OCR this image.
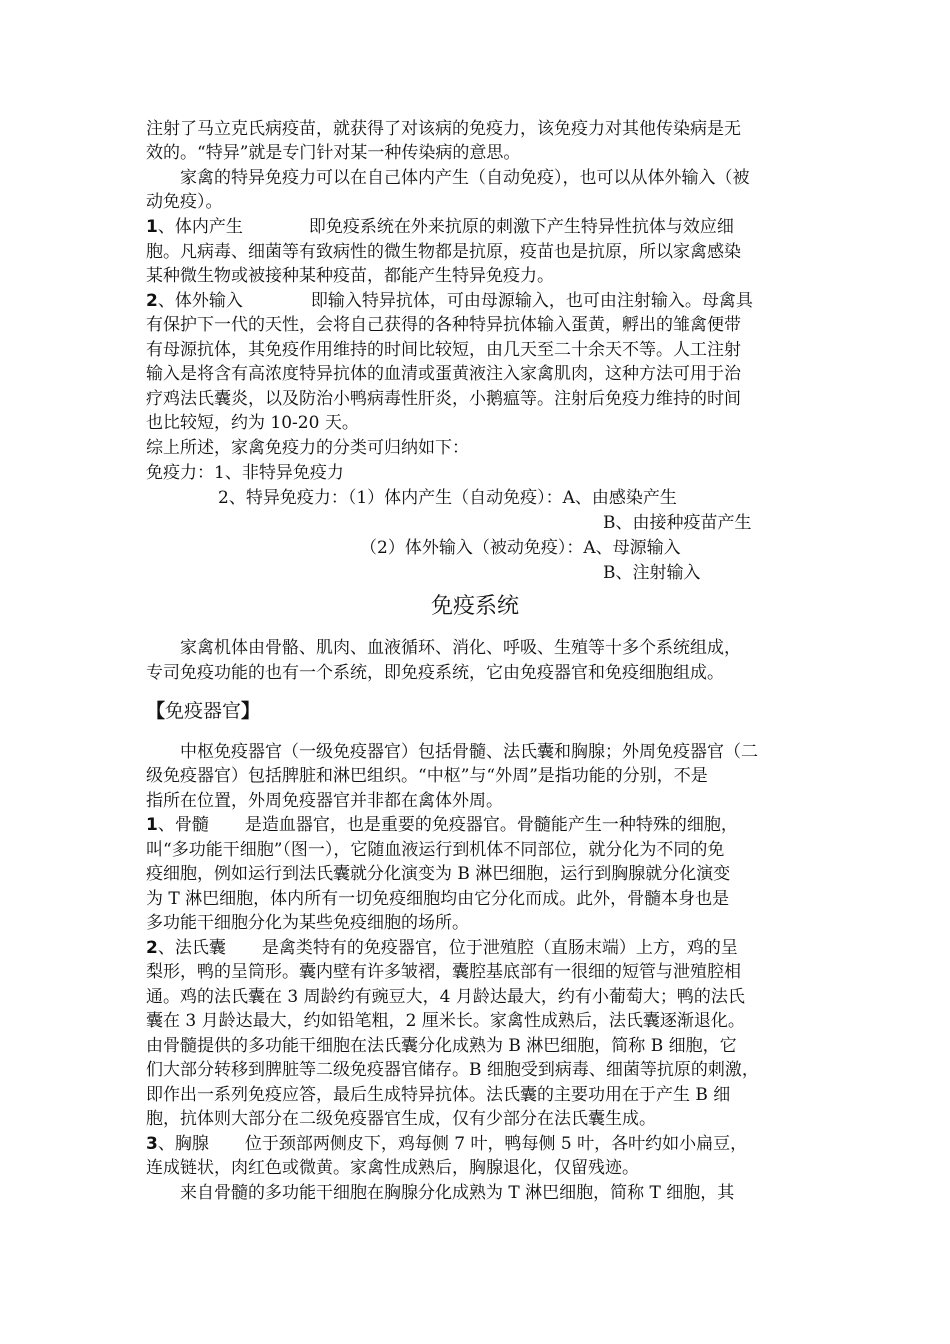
注射了马立克氏病疫苗，就获得了对该病的免疫力，该免疫力对其他传染病是无
效的。“特异”就是专门针对某一种传染病的意思。
家禽的特异免疫力可以在自己体内产生（自动免疫），也可以从体外输入（被
动免疫）。
1、体内产生	即免疫系统在外来抗原的刺激下产生特异性抗体与效应细
胞。凡病毒、细菌等有致病性的微生物都是抗原，疫苗也是抗原，所以家禽感染
某种微生物或被接种某种疫苗，都能产生特异免疫力。
2、体外输入	即输入特异抗体，可由母源输入，也可由注射输入。母禽具
有保护下一代的天性，会将自己获得的各种特异抗体输入蛋黄，孵出的雏禽便带
有母源抗体，其免疫作用维持的时间比较短，由几天至二十余天不等。人工注射
输入是将含有高浓度特异抗体的血清或蛋黄液注入家禽肌肉，这种方法可用于治
疗鸡法氏囊炎，以及防治小鸭病毒性肝炎，小鹅瘟等。注射后免疫力维持的时间
也比较短，约为 10-20 天。
综上所述，家禽免疫力的分类可归纳如下：
免疫力：1、非特异免疫力
2、特异免疫力：（1）体内产生（自动免疫）：A、由感染产生
B、由接种疫苗产生
（2）体外输入（被动免疫）：A、母源输入
B、注射输入
免疫系统
家禽机体由骨骼、肌肉、血液循环、消化、呼吸、生殖等十多个系统组成，
专司免疫功能的也有一个系统，即免疫系统，它由免疫器官和免疫细胞组成。
【免疫器官】
中枢免疫器官（一级免疫器官）包括骨髓、法氏囊和胸腺；外周免疫器官（二
级免疫器官）包括脾脏和淋巴组织。“中枢”与“外周”是指功能的分别，不是
指所在位置，外周免疫器官并非都在禽体外周。
1、骨髓 是造血器官，也是重要的免疫器官。骨髓能产生一种特殊的细胞，
叫“多功能干细胞”（图一），它随血液运行到机体不同部位，就分化为不同的免
疫细胞，例如运行到法氏囊就分化演变为 B 淋巴细胞，运行到胸腺就分化演变
为 T 淋巴细胞，体内所有一切免疫细胞均由它分化而成。此外，骨髓本身也是
多功能干细胞分化为某些免疫细胞的场所。
2、法氏囊 是禽类特有的免疫器官，位于泄殖腔（直肠末端）上方，鸡的呈
梨形，鸭的呈筒形。囊内壁有许多皱褶，囊腔基底部有一很细的短管与泄殖腔相
通。鸡的法氏囊在 3 周龄约有豌豆大，4 月龄达最大，约有小葡萄大；鸭的法氏
囊在 3 月龄达最大，约如铅笔粗，2 厘米长。家禽性成熟后，法氏囊逐渐退化。
由骨髓提供的多功能干细胞在法氏囊分化成熟为 B 淋巴细胞，简称 B 细胞，它
们大部分转移到脾脏等二级免疫器官储存。B 细胞受到病毒、细菌等抗原的刺激，
即作出一系列免疫应答，最后生成特异抗体。法氏囊的主要功用在于产生 B 细
胞，抗体则大部分在二级免疫器官生成，仅有少部分在法氏囊生成。
3、胸腺 位于颈部两侧皮下，鸡每侧 7 叶，鸭每侧 5 叶，各叶约如小扁豆，
连成链状，肉红色或微黄。家禽性成熟后，胸腺退化，仅留残迹。
来自骨髓的多功能干细胞在胸腺分化成熟为 T 淋巴细胞，简称 T 细胞，其
